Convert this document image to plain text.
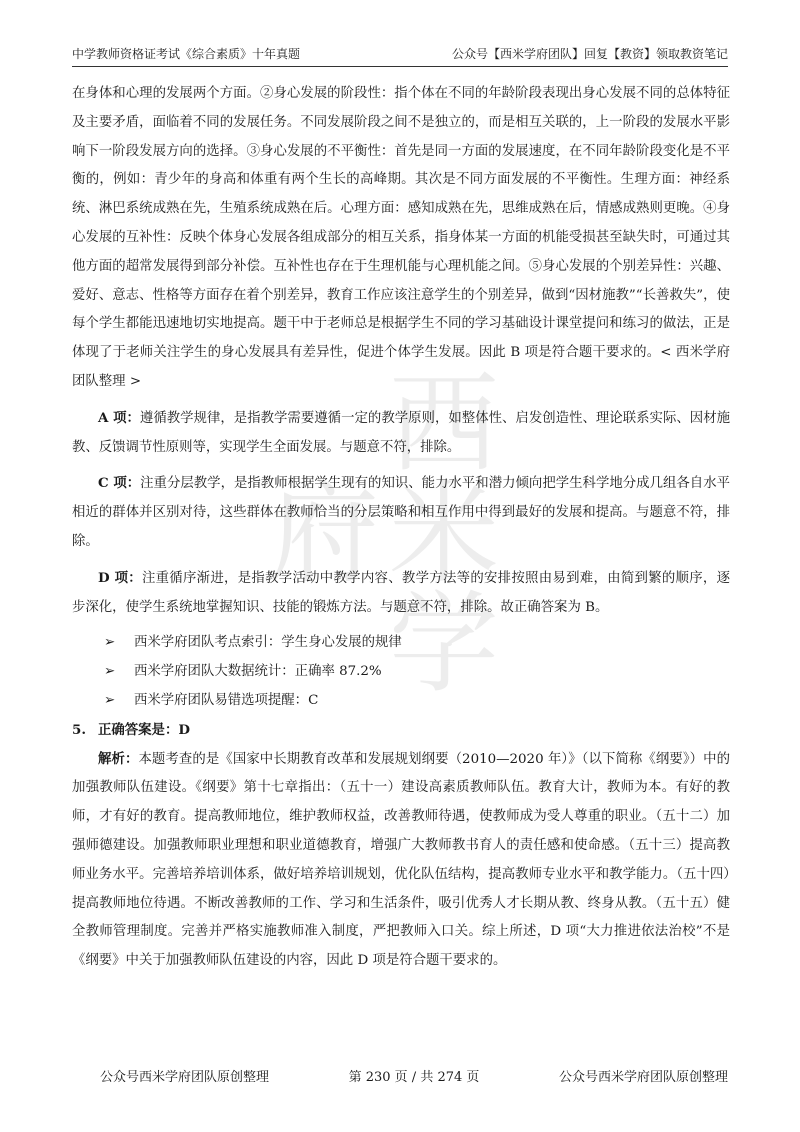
中学教师资格证考试《综合素质》十年真题	公众号【西米学府团队】回复【教资】领取教资笔记
西米学府

在身体和心理的发展两个方面。②身心发展的阶段性：指个体在不同的年龄阶段表现出身心发展不同的总体特征及主要矛盾，面临着不同的发展任务。不同发展阶段之间不是独立的，而是相互关联的，上一阶段的发展水平影响下一阶段发展方向的选择。③身心发展的不平衡性：首先是同一方面的发展速度，在不同年龄阶段变化是不平衡的，例如：青少年的身高和体重有两个生长的高峰期。其次是不同方面发展的不平衡性。生理方面：神经系统、淋巴系统成熟在先，生殖系统成熟在后。心理方面：感知成熟在先，思维成熟在后，情感成熟则更晚。④身心发展的互补性：反映个体身心发展各组成部分的相互关系，指身体某一方面的机能受损甚至缺失时，可通过其他方面的超常发展得到部分补偿。互补性也存在于生理机能与心理机能之间。⑤身心发展的个别差异性：兴趣、爱好、意志、性格等方面存在着个别差异，教育工作应该注意学生的个别差异，做到“因材施教”“长善救失”，使每个学生都能迅速地切实地提高。题干中于老师总是根据学生不同的学习基础设计课堂提问和练习的做法，正是体现了于老师关注学生的身心发展具有差异性，促进个体学生发展。因此 B 项是符合题干要求的。< 西米学府团队整理 >

A 项：遵循教学规律，是指教学需要遵循一定的教学原则，如整体性、启发创造性、理论联系实际、因材施教、反馈调节性原则等，实现学生全面发展。与题意不符，排除。

C 项：注重分层教学，是指教师根据学生现有的知识、能力水平和潜力倾向把学生科学地分成几组各自水平相近的群体并区别对待，这些群体在教师恰当的分层策略和相互作用中得到最好的发展和提高。与题意不符，排除。

D 项：注重循序渐进，是指教学活动中教学内容、教学方法等的安排按照由易到难，由简到繁的顺序，逐步深化，使学生系统地掌握知识、技能的锻炼方法。与题意不符，排除。故正确答案为 B。

➢ 西米学府团队考点索引：学生身心发展的规律

➢ 西米学府团队大数据统计：正确率 87.2%

➢ 西米学府团队易错选项提醒：C

5. 正确答案是：D

解析：本题考查的是《国家中长期教育改革和发展规划纲要（2010—2020 年）》（以下简称《纲要》）中的加强教师队伍建设。《纲要》第十七章指出：（五十一）建设高素质教师队伍。教育大计，教师为本。有好的教师，才有好的教育。提高教师地位，维护教师权益，改善教师待遇，使教师成为受人尊重的职业。（五十二）加强师德建设。加强教师职业理想和职业道德教育，增强广大教师教书育人的责任感和使命感。（五十三）提高教师业务水平。完善培养培训体系，做好培养培训规划，优化队伍结构，提高教师专业水平和教学能力。（五十四）提高教师地位待遇。不断改善教师的工作、学习和生活条件，吸引优秀人才长期从教、终身从教。（五十五）健全教师管理制度。完善并严格实施教师准入制度，严把教师入口关。综上所述，D 项“大力推进依法治校”不是《纲要》中关于加强教师队伍建设的内容，因此 D 项是符合题干要求的。

公众号西米学府团队原创整理	第 230 页 / 共 274 页	公众号西米学府团队原创整理
